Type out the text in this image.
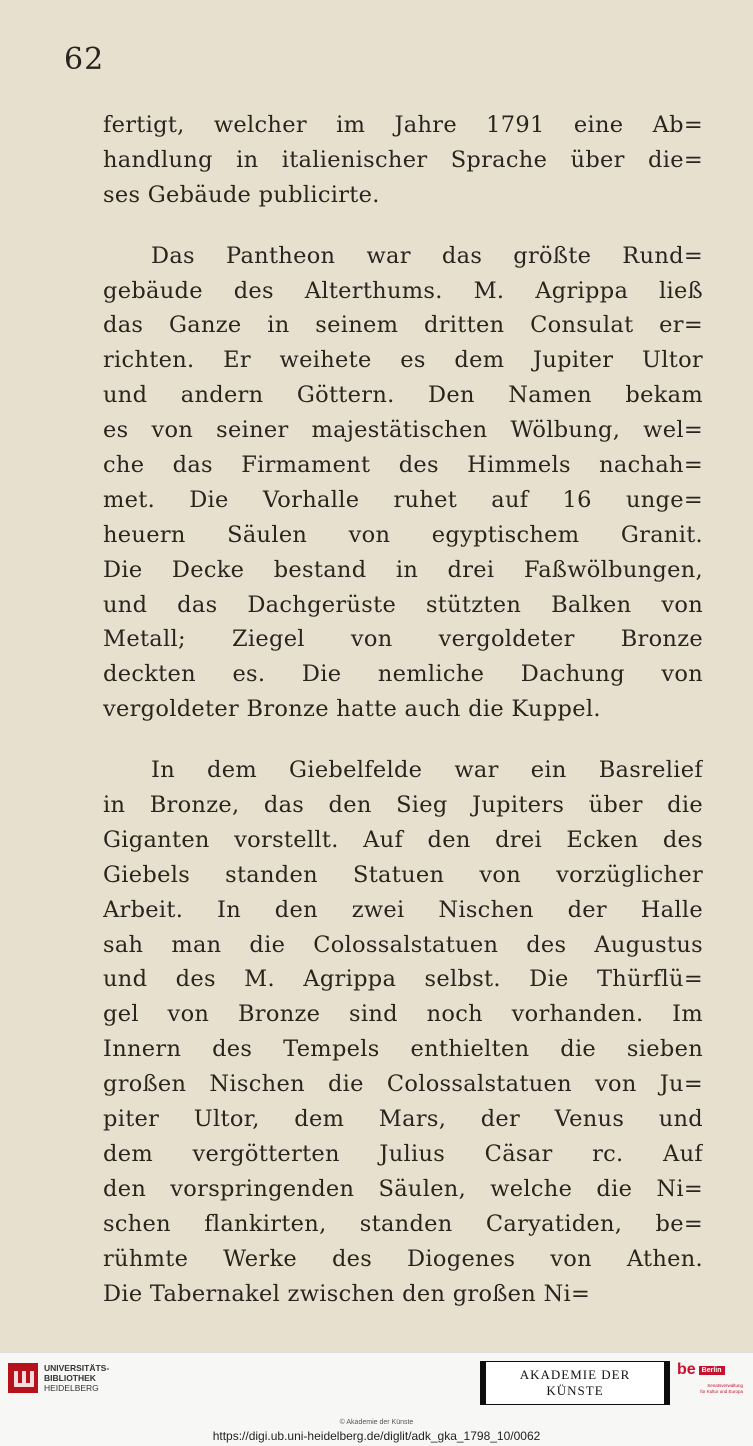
62
fertigt, welcher im Jahre 1791 eine Ab=
handlung in italienischer Sprache über die=
ses Gebäude publicirte.
Das Pantheon war das größte Rund=
gebäude des Alterthums. M. Agrippa ließ
das Ganze in seinem dritten Consulat er=
richten. Er weihete es dem Jupiter Ultor
und andern Göttern. Den Namen bekam
es von seiner majestätischen Wölbung, wel=
che das Firmament des Himmels nachah=
met. Die Vorhalle ruhet auf 16 unge=
heuern Säulen von egyptischem Granit.
Die Decke bestand in drei Faßwölbungen,
und das Dachgerüste stützten Balken von
Metall; Ziegel von vergoldeter Bronze
deckten es. Die nemliche Dachung von
vergoldeter Bronze hatte auch die Kuppel.
In dem Giebelfelde war ein Basrelief
in Bronze, das den Sieg Jupiters über die
Giganten vorstellt. Auf den drei Ecken des
Giebels standen Statuen von vorzüglicher
Arbeit. In den zwei Nischen der Halle
sah man die Colossalstatuen des Augustus
und des M. Agrippa selbst. Die Thürflü=
gel von Bronze sind noch vorhanden. Im
Innern des Tempels enthielten die sieben
großen Nischen die Colossalstatuen von Ju=
piter Ultor, dem Mars, der Venus und
dem vergötterten Julius Cäsar rc. Auf
den vorspringenden Säulen, welche die Ni=
schen flankirten, standen Caryatiden, be=
rühmte Werke des Diogenes von Athen.
Die Tabernakel zwischen den großen Ni=
UNIVERSITÄTS-
BIBLIOTHEK
HEIDELBERG
AKADEMIE DER KÜNSTE
be Berlin
Senatsverwaltung
für Kultur und Europa
© Akademie der Künste
https://digi.ub.uni-heidelberg.de/diglit/adk_gka_1798_10/0062
